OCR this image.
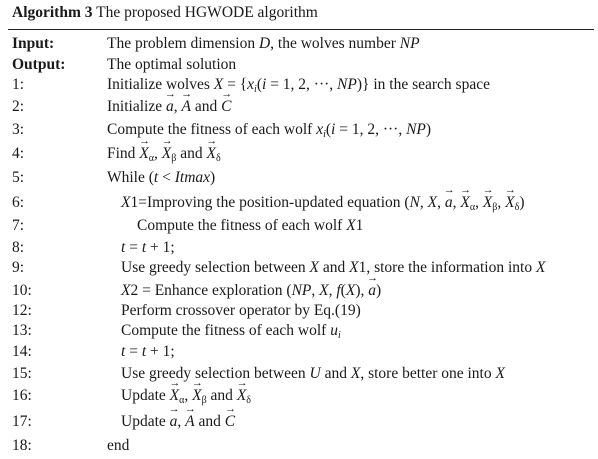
Algorithm 3 The proposed HGWODE algorithm
Input:	The problem dimension D, the wolves number NP
Output:	The optimal solution
1:	Initialize wolves $X = \{x_i(i = 1$, 2, ···, NP)} in the search space
2:	Initialize → a, → A and → C
3:	Compute the fitness of each wolf $x_i(i = 1$, 2, ···, NP)
4:	Find → $X_\alpha$, → $X_\beta$ and → $X_\delta$
5:	While (t < Itmax)
6:	X1=Improving the position-updated equation (N, X, → a, → $X_\alpha$, → $X_\beta$, → $X_\delta$)
7:	Compute the fitness of each wolf X1
8:	t = t + 1;
9:	Use greedy selection between X and X1, store the information into X
10:	X2 = Enhance exploration (NP, X, f(X), → a)
12:	Perform crossover operator by Eq.(19)
13:	Compute the fitness of each wolf $u_i$
14:	t = t + 1;
15:	Use greedy selection between U and X, store better one into X
16:	Update → $X_\alpha$, → $X_\beta$ and → $X_\delta$
17:	Update → a, → A and → C
18:	end
